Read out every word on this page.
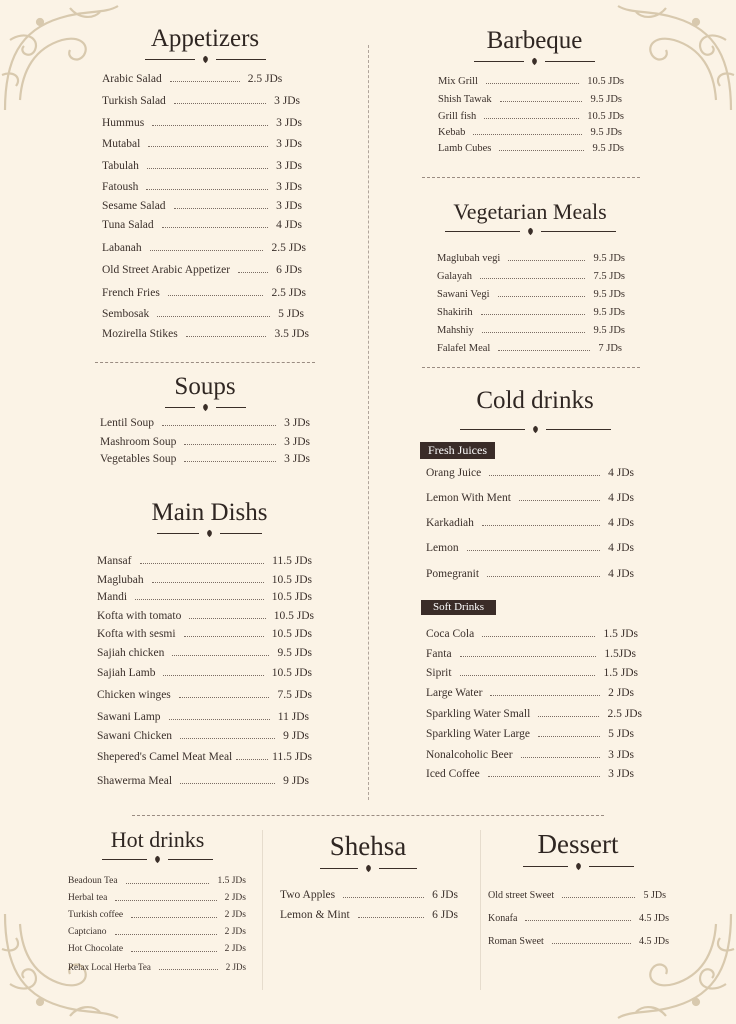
Appetizers	Barbeque
Vegetarian Meals
Soups
Cold drinks
Main Dishs
Hot drinks	Shehsa	Dessert
Arabic Salad	2.5 JDs
Turkish Salad	3 JDs
Hummus	3 JDs
Mutabal	3 JDs
Tabulah	3 JDs
Fatoush	3 JDs
Sesame Salad	3 JDs
Tuna Salad	4 JDs
Labanah	2.5 JDs
Old Street Arabic Appetizer	6 JDs
French Fries	2.5 JDs
Sembosak	5 JDs
Mozirella Stikes	3.5 JDs
Lentil Soup	3 JDs
Mashroom Soup	3 JDs
Vegetables Soup	3 JDs
Mansaf	11.5 JDs
Maglubah	10.5 JDs
Mandi	10.5 JDs
Kofta with tomato	10.5 JDs
Kofta with sesmi	10.5 JDs
Sajiah chicken	9.5 JDs
Sajiah Lamb	10.5 JDs
Chicken winges	7.5 JDs
Sawani Lamp	11 JDs
Sawani Chicken	9 JDs
Shepered's Camel Meat Meal	11.5 JDs
Shawerma Meal	9 JDs
Mix Grill	10.5 JDs
Shish Tawak	9.5 JDs
Grill fish	10.5 JDs
Kebab	9.5 JDs
Lamb Cubes	9.5 JDs
Maglubah vegi	9.5 JDs
Galayah	7.5 JDs
Sawani Vegi	9.5 JDs
Shakirih	9.5 JDs
Mahshiy	9.5 JDs
Falafel Meal	7 JDs
Fresh Juices
Orang Juice	4 JDs
Lemon With Ment	4 JDs
Karkadiah	4 JDs
Lemon	4 JDs
Pomegranit	4 JDs
Soft Drinks
Coca Cola	1.5 JDs
Fanta	1.5JDs
Siprit	1.5 JDs
Large Water	2 JDs
Sparkling Water Small	2.5 JDs
Sparkling Water Large	5 JDs
Nonalcoholic Beer	3 JDs
Iced Coffee	3 JDs
Beadoun Tea	1.5 JDs
Herbal tea	2 JDs
Turkish coffee	2 JDs
Captciano	2 JDs
Hot Chocolate	2 JDs
Relax Local Herba Tea	2 JDs
Two Apples	6 JDs
Lemon & Mint	6 JDs
Old street Sweet	5 JDs
Konafa	4.5 JDs
Roman Sweet	4.5 JDs
